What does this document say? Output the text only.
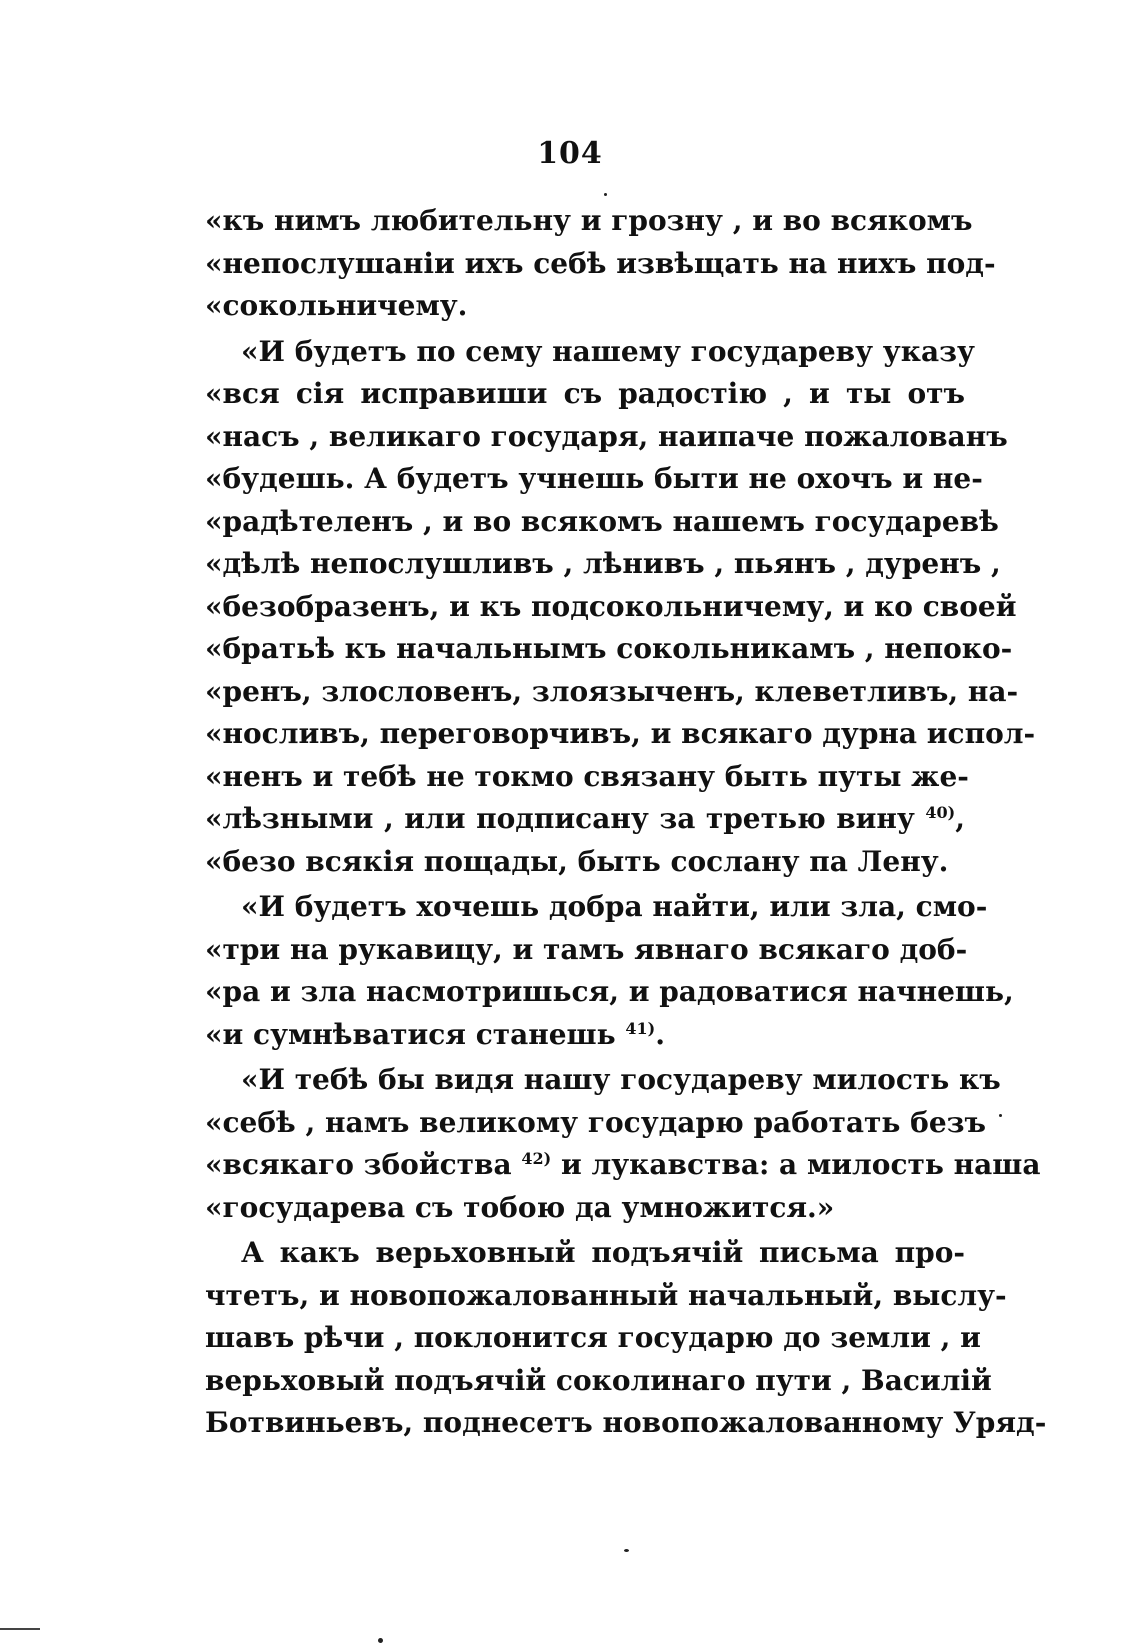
104
«къ нимъ любительну и грозну , и во всякомъ
«непослушаніи ихъ себѣ извѣщать на нихъ под-
«сокольничему.
«И будетъ по сему нашему государеву указу
«вся сія исправиши съ радостію , и ты отъ
«насъ , великаго государя, наипаче пожалованъ
«будешь. А будетъ учнешь быти не охочъ и не-
«радѣтеленъ , и во всякомъ нашемъ государевѣ
«дѣлѣ непослушливъ , лѣнивъ , пьянъ , дуренъ ,
«безобразенъ, и къ подсокольничему, и ко своей
«братьѣ къ начальнымъ сокольникамъ , непоко-
«ренъ, злословенъ, злоязыченъ, клеветливъ, на-
«носливъ, переговорчивъ, и всякаго дурна испол-
«ненъ и тебѣ не токмо связану быть путы же-
«лѣзными , или подписану за третью вину $^{40)}$,
«безо всякія пощады, быть сослану па Лену.
«И будетъ хочешь добра найти, или зла, смо-
«три на рукавицу, и тамъ явнаго всякаго доб-
«ра и зла насмотришься, и радоватися начнешь,
«и сумнѣватися станешь $^{41)}$.
«И тебѣ бы видя нашу государеву милость къ
«себѣ , намъ великому государю работать безъ
«всякаго збойства $^{42)}$ и лукавства: а милость наша
«государева съ тобою да умножится.»
А какъ верьховный подъячій письма про-
чтетъ, и новопожалованный начальный, выслу-
шавъ рѣчи , поклонится государю до земли , и
верьховый подъячій соколинаго пути , Василій
Ботвиньевъ, поднесетъ новопожалованному Уряд-
